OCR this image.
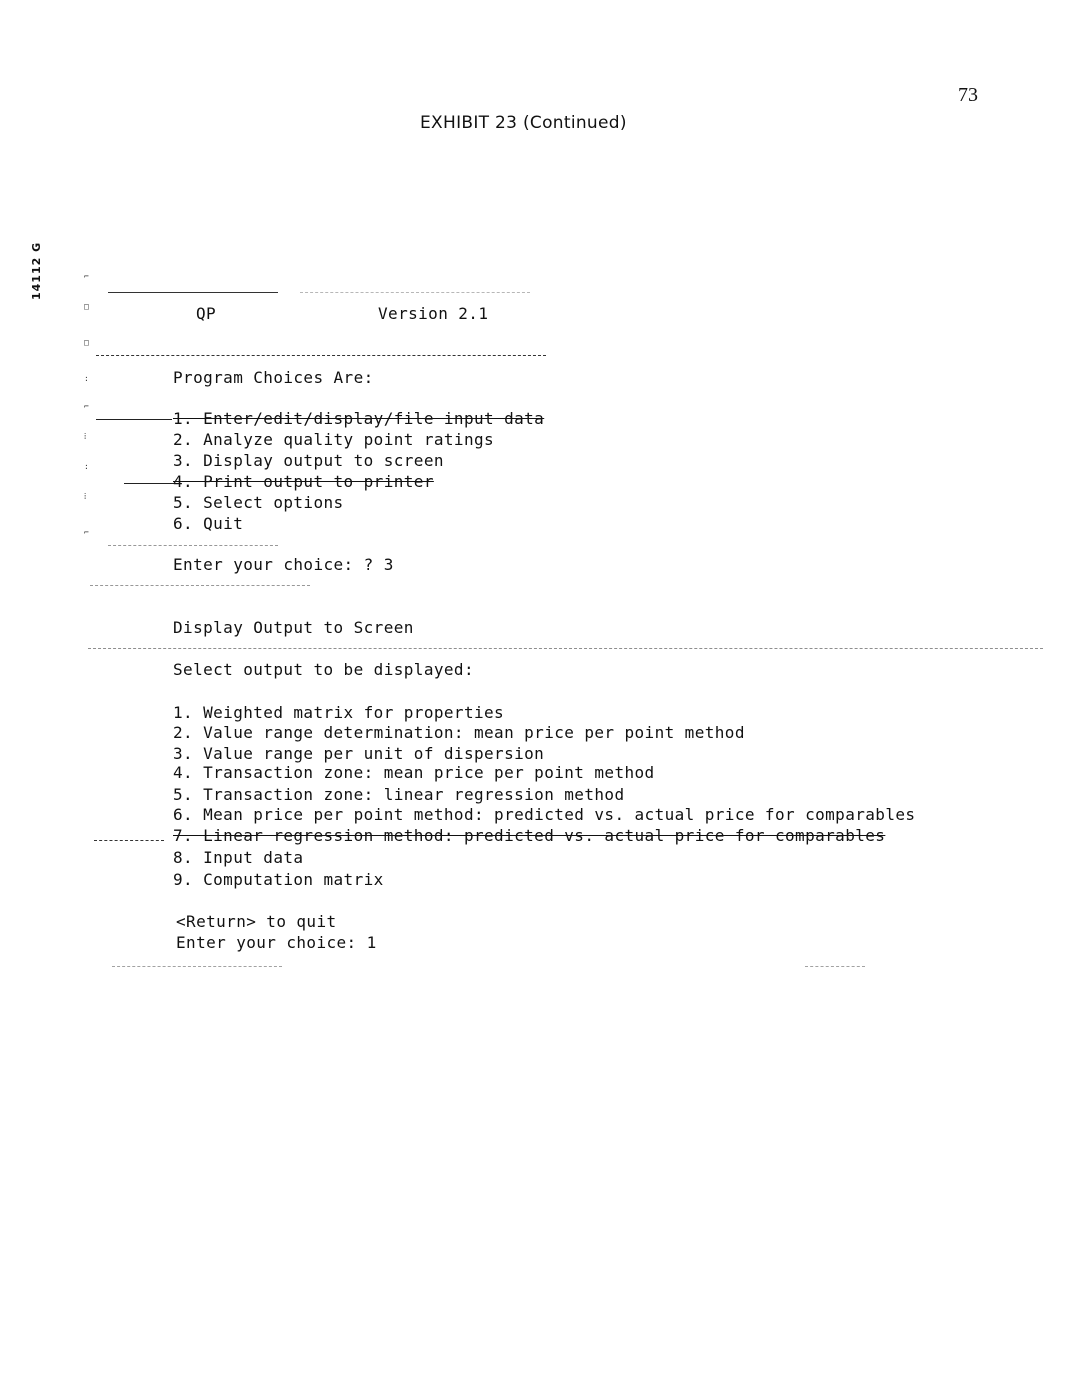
73
EXHIBIT 23 (Continued)
14112 G	⌐
□
□
:
⌐
⁞
:
⁞
⌐
QP	Version 2.1
Program Choices Are:
1. Enter/edit/display/file input data
2. Analyze quality point ratings
3. Display output to screen
4. Print output to printer
5. Select options
6. Quit
Enter your choice: ? 3
Display Output to Screen
Select output to be displayed:
1. Weighted matrix for properties
2. Value range determination: mean price per point method
3. Value range per unit of dispersion
4. Transaction zone: mean price per point method
5. Transaction zone: linear regression method
6. Mean price per point method: predicted vs. actual price for comparables
7. Linear regression method: predicted vs. actual price for comparables
8. Input data
9. Computation matrix
<Return> to quit
Enter your choice: 1
